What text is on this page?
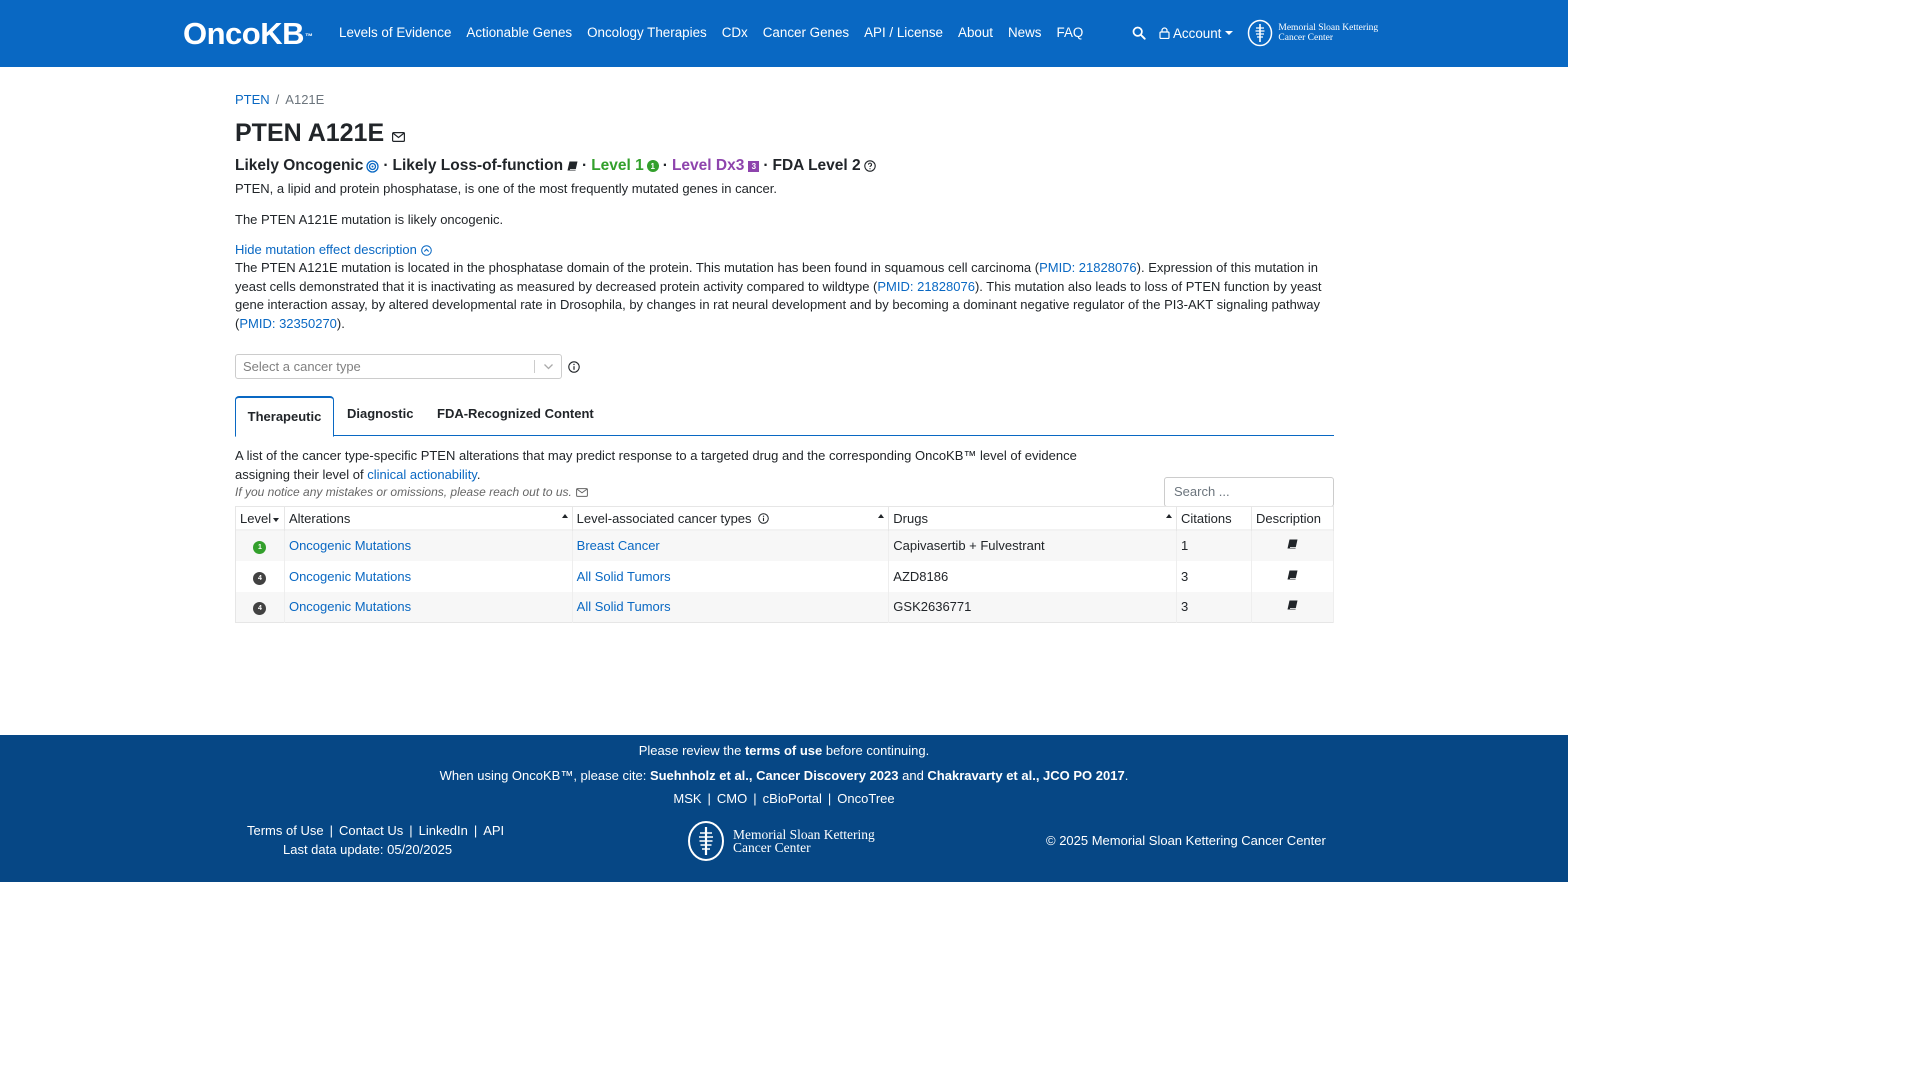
OncoKB ™ Levels of Evidence Actionable Genes Oncology Therapies CDx Cancer Genes API / License About News FAQ	Account	Memorial Sloan Kettering
Cancer Center
PTEN / A121E
PTEN A121E
Likely Oncogenic · Likely Loss-of-function · Level 1 1 · Level Dx3 3 · FDA Level 2

PTEN, a lipid and protein phosphatase, is one of the most frequently mutated genes in cancer.

The PTEN A121E mutation is likely oncogenic.

Hide mutation effect description

The PTEN A121E mutation is located in the phosphatase domain of the protein. This mutation has been found in squamous cell carcinoma (PMID: 21828076). Expression of this mutation in yeast cells demonstrated that it is inactivating as measured by decreased protein activity compared to wildtype (PMID: 21828076). This mutation also leads to loss of PTEN function by yeast gene interaction assay, by altered developmental rate in Drosophila, by changes in rat neural development and by becoming a dominant negative regulator of the PI3-AKT signaling pathway (PMID: 32350270).

Select a cancer type
Therapeutic	Diagnostic FDA-Recognized Content

A list of the cancer type-specific PTEN alterations that may predict response to a targeted drug and the corresponding OncoKB™ level of evidence assigning their level of clinical actionability.

If you notice any mistakes or omissions, please reach out to us.	Search ...
Level	Alterations	Level-associated cancer types	Drugs	Citations	Description
1	Oncogenic Mutations	Breast Cancer	Capivasertib + Fulvestrant	1	
4	Oncogenic Mutations	All Solid Tumors	AZD8186	3	
4	Oncogenic Mutations	All Solid Tumors	GSK2636771	3	
Please review the terms of use before continuing.
When using OncoKB™, please cite: Suehnholz et al., Cancer Discovery 2023 and Chakravarty et al., JCO PO 2017.
MSK | CMO | cBioPortal | OncoTree
Terms of Use | Contact Us | LinkedIn | API
Last data update: 05/20/2025
Memorial Sloan Kettering
Cancer Center	© 2025 Memorial Sloan Kettering Cancer Center
